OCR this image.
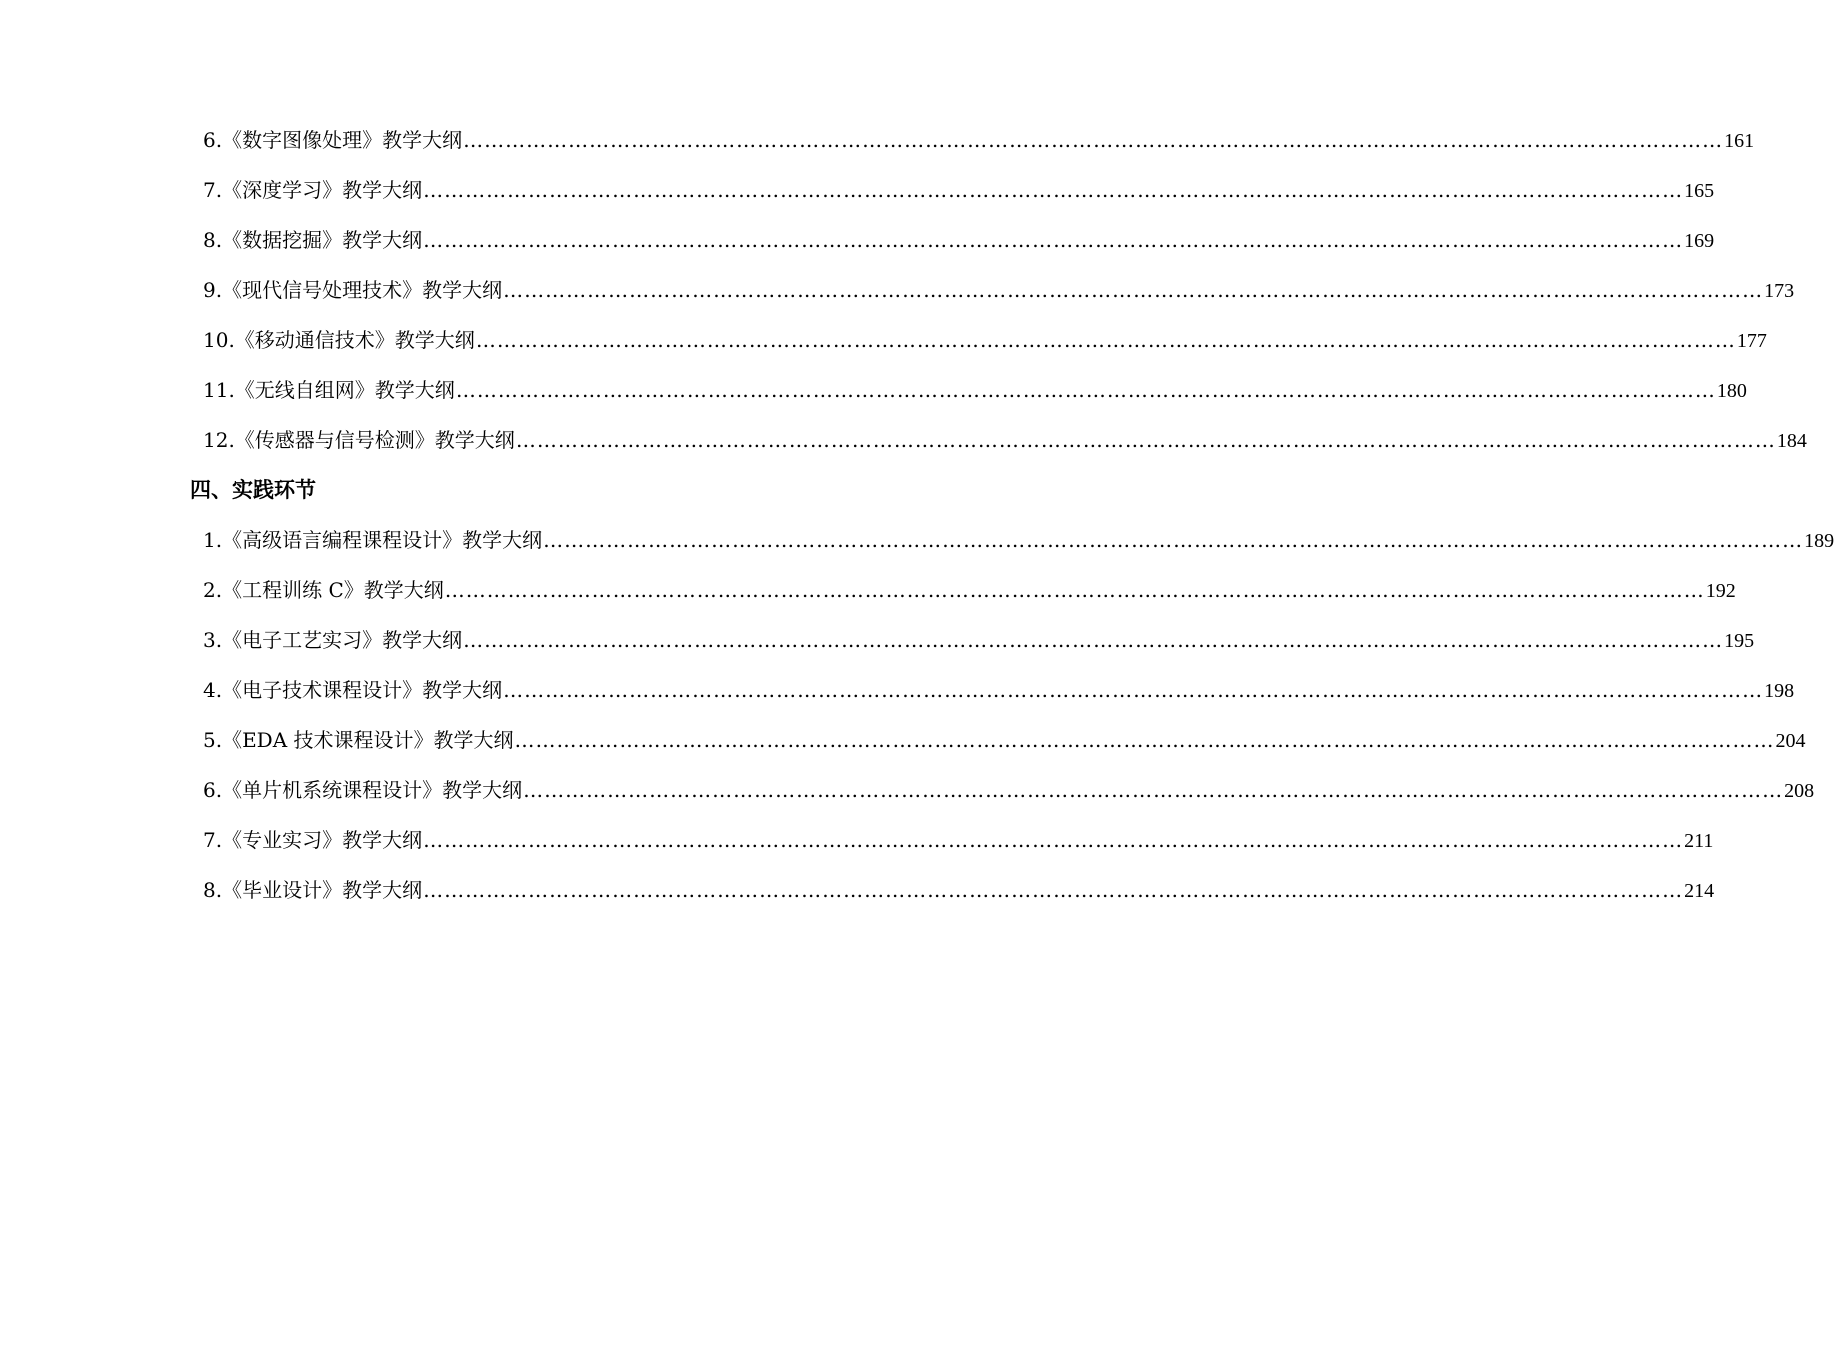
6.《数字图像处理》教学大纲 ……………………………………………………………………………………………………………………………………………………………… 161
7.《深度学习》教学大纲 ……………………………………………………………………………………………………………………………………………………………… 165
8.《数据挖掘》教学大纲 ……………………………………………………………………………………………………………………………………………………………… 169
9.《现代信号处理技术》教学大纲 ……………………………………………………………………………………………………………………………………………………………… 173
10.《移动通信技术》教学大纲 ……………………………………………………………………………………………………………………………………………………………… 177
11.《无线自组网》教学大纲 ……………………………………………………………………………………………………………………………………………………………… 180
12.《传感器与信号检测》教学大纲 ……………………………………………………………………………………………………………………………………………………………… 184
四、实践环节
1.《高级语言编程课程设计》教学大纲 ……………………………………………………………………………………………………………………………………………………………… 189
2.《工程训练 C》教学大纲 ……………………………………………………………………………………………………………………………………………………………… 192
3.《电子工艺实习》教学大纲 ……………………………………………………………………………………………………………………………………………………………… 195
4.《电子技术课程设计》教学大纲 ……………………………………………………………………………………………………………………………………………………………… 198
5.《EDA 技术课程设计》教学大纲 ……………………………………………………………………………………………………………………………………………………………… 204
6.《单片机系统课程设计》教学大纲 ……………………………………………………………………………………………………………………………………………………………… 208
7.《专业实习》教学大纲 ……………………………………………………………………………………………………………………………………………………………… 211
8.《毕业设计》教学大纲 ……………………………………………………………………………………………………………………………………………………………… 214
